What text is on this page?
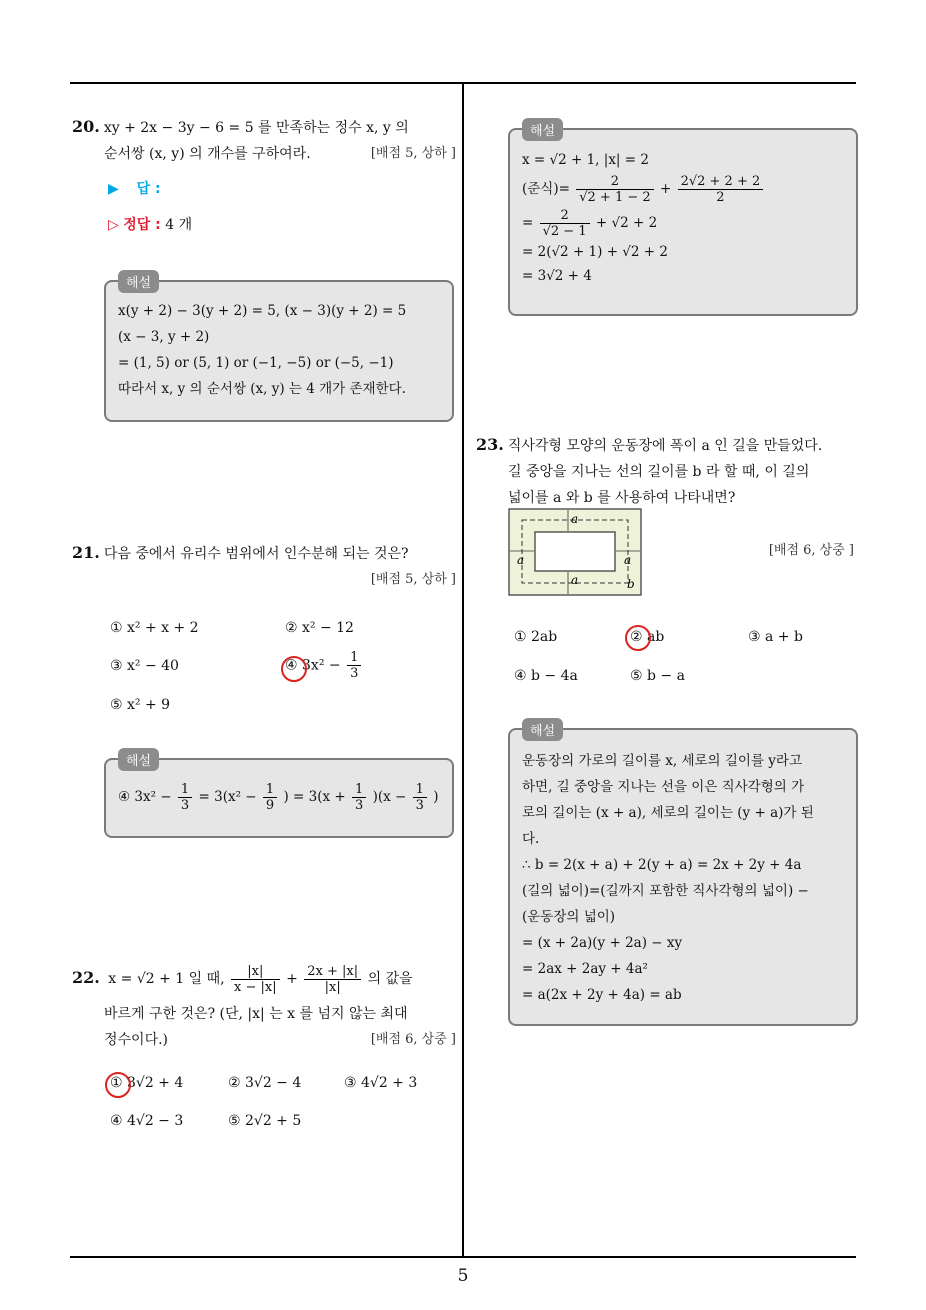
20. xy + 2x − 3y − 6 = 5 를 만족하는 정수 x, y 의
순서쌍 (x, y) 의 개수를 구하여라.	[배점 5, 상하 ]
▶ 답 :
▷ 정답 : 4 개
해설
x(y + 2) − 3(y + 2) = 5, (x − 3)(y + 2) = 5
(x − 3, y + 2)
= (1, 5) or (5, 1) or (−1, −5) or (−5, −1)
따라서 x, y 의 순서쌍 (x, y) 는 4 개가 존재한다.
21. 다음 중에서 유리수 범위에서 인수분해 되는 것은?
[배점 5, 상하 ]
① x² + x + 2	② x² − 12
③ x² − 40	④ $3x^2 - \frac{1}{3}$
⑤ x² + 9
해설
④ $3x^2 - \frac{1}{3} = 3(x^2 - \frac{1}{9}$ ) = $3(x + \frac{1}{3} )(x - \frac{1}{3}$ )
22. x = √2 + 1 일 때, $\frac{|x|}{x - |x|} + \frac{2x + |x|}{|x|}$ 의 값을
바르게 구한 것은? (단, |x| 는 x 를 넘지 않는 최대
정수이다.)	[배점 6, 상중 ]
① 3√2 + 4	② 3√2 − 4	③ 4√2 + 3
④ 4√2 − 3	⑤ 2√2 + 5
해설
x = √2 + 1, |x| = 2
(준식)= $\frac{2}{√2 + 1 - 2} + \frac{2√2 + 2 + 2}{2}$
= $\frac{2}{√2 - 1} + √2 + 2$
= 2(√2 + 1) + √2 + 2
= 3√2 + 4
23. 직사각형 모양의 운동장에 폭이 a 인 길을 만들었다.
길 중앙을 지나는 선의 길이를 b 라 할 때, 이 길의
넓이를 a 와 b 를 사용하여 나타내면?
[배점 6, 상중 ]
a
a	a
a	b
① 2ab	② ab	③ a + b
④ b − 4a	⑤ b − a
해설
운동장의 가로의 길이를 x, 세로의 길이를 y라고
하면, 길 중앙을 지나는 선을 이은 직사각형의 가
로의 길이는 (x + a), 세로의 길이는 (y + a)가 된
다.
∴ b = 2(x + a) + 2(y + a) = 2x + 2y + 4a
(길의 넓이)=(길까지 포함한 직사각형의 넓이) −
(운동장의 넓이)
= (x + 2a)(y + 2a) − xy
= 2ax + 2ay + 4a²
= a(2x + 2y + 4a) = ab
5
